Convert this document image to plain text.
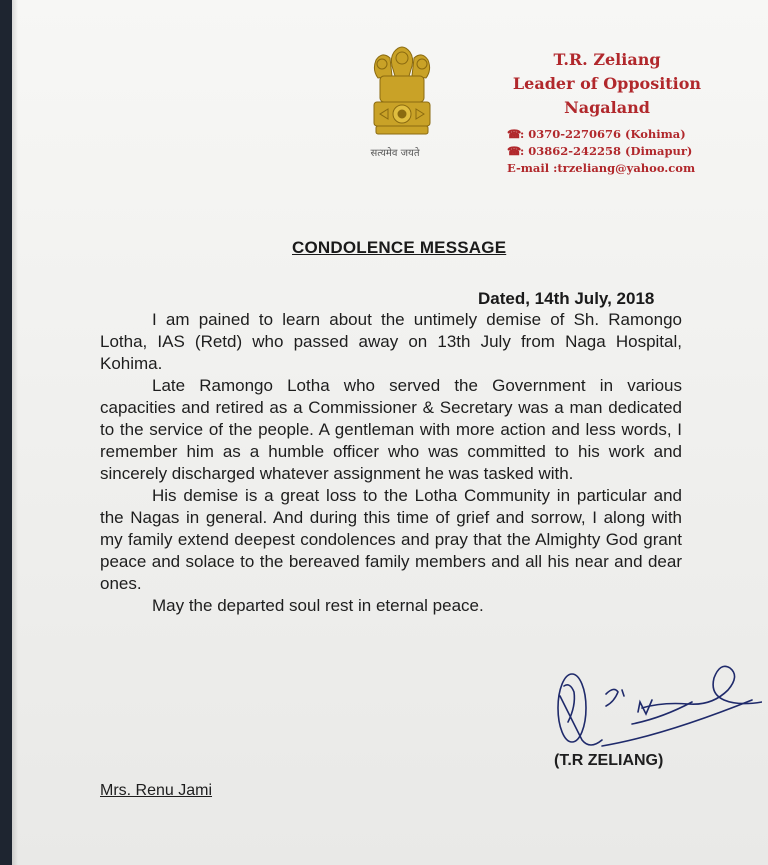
सत्यमेव जयते
T.R. Zeliang
Leader of Opposition
Nagaland
☎: 0370-2270676 (Kohima)
☎: 03862-242258 (Dimapur)
E-mail :trzeliang@yahoo.com
CONDOLENCE MESSAGE
Dated, 14th July, 2018

I am pained to learn about the untimely demise of Sh. Ramongo Lotha, IAS (Retd) who passed away on 13th July from Naga Hospital, Kohima.

Late Ramongo Lotha who served the Government in various capacities and retired as a Commissioner & Secretary was a man dedicated to the service of the people. A gentleman with more action and less words, I remember him as a humble officer who was committed to his work and sincerely discharged whatever assignment he was tasked with.

His demise is a great loss to the Lotha Community in particular and the Nagas in general. And during this time of grief and sorrow, I along with my family extend deepest condolences and pray that the Almighty God grant peace and solace to the bereaved family members and all his near and dear ones.

May the departed soul rest in eternal peace.

(T.R ZELIANG)
Mrs. Renu Jami
